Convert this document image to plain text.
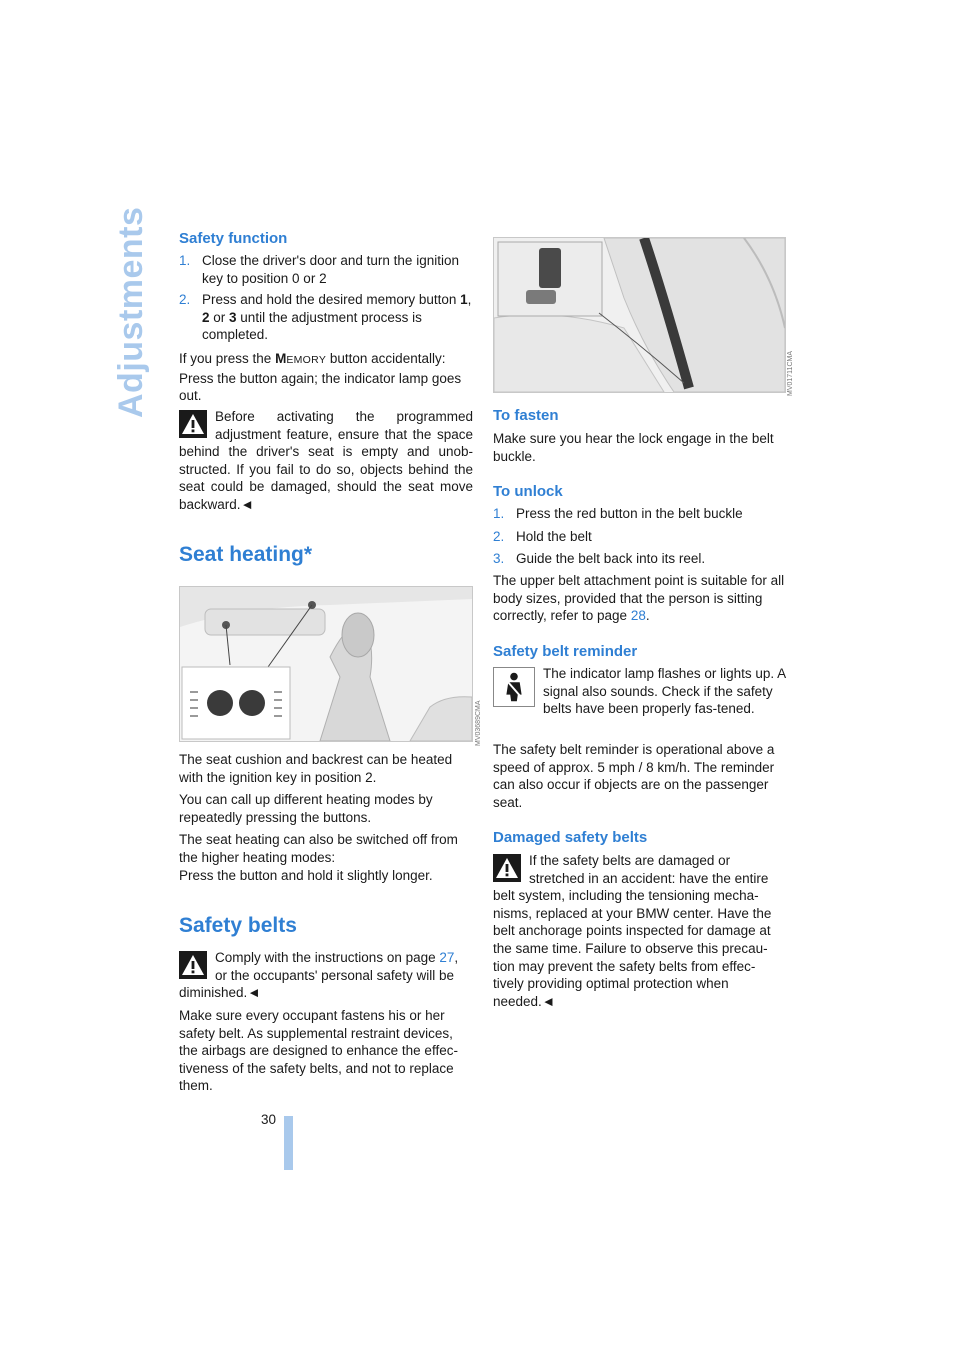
Adjustments Safety function
1. Close the driver's door and turn the ignition key to position 0 or 2
2. Press and hold the desired memory button 1, 2 or 3 until the adjustment process is completed.

If you press the MEMORY button accidentally: Press the button again; the indicator lamp goes out.

Before activating the programmed adjustment feature, ensure that the space behind the driver's seat is empty and unob-structed. If you fail to do so, objects behind the seat could be damaged, should the seat move backward.◄

Seat heating*
MV03689CMA

The seat cushion and backrest can be heated with the ignition key in position 2.

You can call up different heating modes by repeatedly pressing the buttons.

The seat heating can also be switched off from the higher heating modes:

Press the button and hold it slightly longer.

Safety belts

Comply with the instructions on page 27, or the occupants' personal safety will be diminished.◄

Make sure every occupant fastens his or her safety belt. As supplemental restraint devices, the airbags are designed to enhance the effec-tiveness of the safety belts, and not to replace them.

MV01711CMA
To fasten

Make sure you hear the lock engage in the belt buckle.

To unlock
1. Press the red button in the belt buckle
2. Hold the belt
3. Guide the belt back into its reel.

The upper belt attachment point is suitable for all body sizes, provided that the person is sitting correctly, refer to page 28.

Safety belt reminder

The indicator lamp flashes or lights up. A signal also sounds. Check if the safety belts have been properly fas-tened.

The safety belt reminder is operational above a speed of approx. 5 mph / 8 km/h. The reminder can also occur if objects are on the passenger seat.

Damaged safety belts

If the safety belts are damaged or stretched in an accident: have the entire belt system, including the tensioning mecha-nisms, replaced at your BMW center. Have the belt anchorage points inspected for damage at the same time. Failure to observe this precau-tion may prevent the safety belts from effec-tively providing optimal protection when needed.◄

30
